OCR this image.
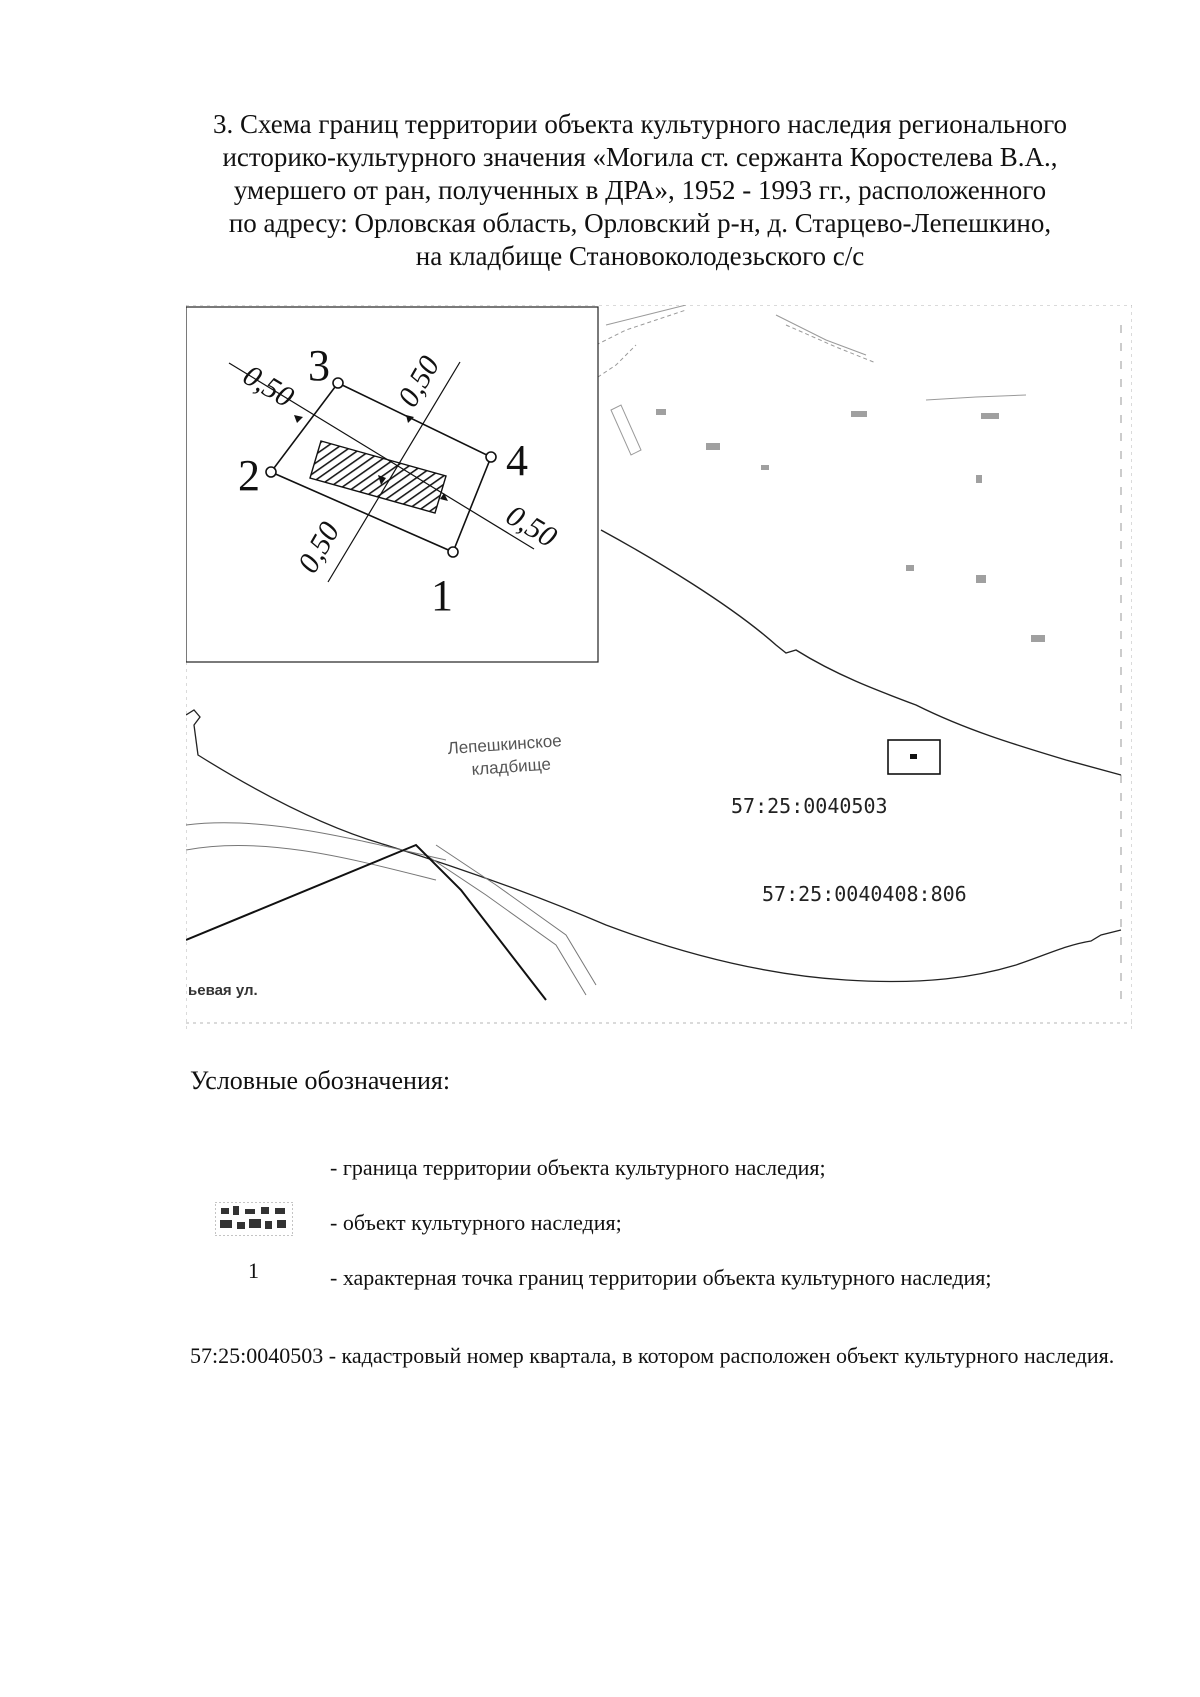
3. Схема границ территории объекта культурного наследия регионального
историко-культурного значения «Могила ст. сержанта Коростелева В.А.,
умершего от ран, полученных в ДРА», 1952 - 1993 гг., расположенного
по адресу: Орловская область, Орловский р-н, д. Старцево-Лепешкино,
на кладбище Становоколодезьского с/с
1
2
3
4
0,50	0,50
0,50
0,50
Лепешкинское
кладбище
57:25:0040503
57:25:0040408:806
ьевая ул.
Условные обозначения:
1
- граница территории объекта культурного наследия;
- объект культурного наследия;
- характерная точка границ территории объекта культурного наследия;
57:25:0040503 - кадастровый номер квартала, в котором расположен объект культурного наследия.
